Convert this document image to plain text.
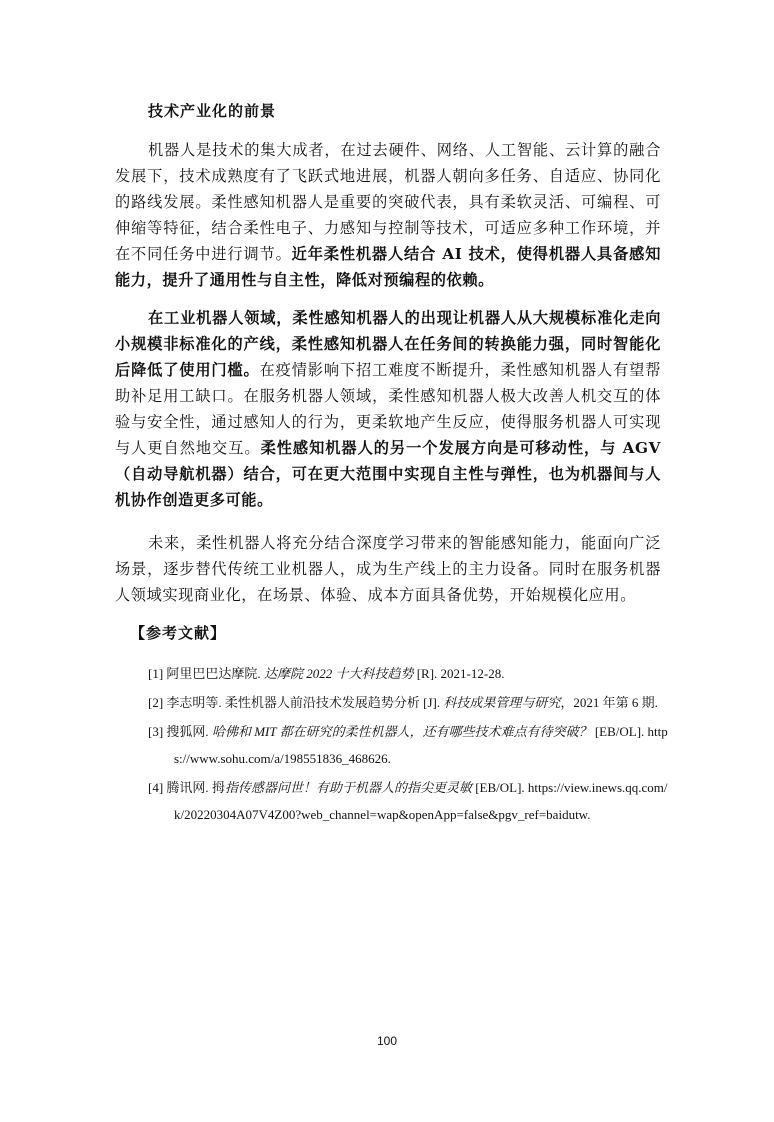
技术产业化的前景

机器人是技术的集大成者，在过去硬件、网络、人工智能、云计算的融合发展下，技术成熟度有了飞跃式地进展，机器人朝向多任务、自适应、协同化的路线发展。柔性感知机器人是重要的突破代表，具有柔软灵活、可编程、可伸缩等特征，结合柔性电子、力感知与控制等技术，可适应多种工作环境，并在不同任务中进行调节。近年柔性机器人结合 AI 技术，使得机器人具备感知能力，提升了通用性与自主性，降低对预编程的依赖。

在工业机器人领域，柔性感知机器人的出现让机器人从大规模标准化走向小规模非标准化的产线，柔性感知机器人在任务间的转换能力强，同时智能化后降低了使用门槛。在疫情影响下招工难度不断提升，柔性感知机器人有望帮助补足用工缺口。在服务机器人领域，柔性感知机器人极大改善人机交互的体验与安全性，通过感知人的行为，更柔软地产生反应，使得服务机器人可实现与人更自然地交互。柔性感知机器人的另一个发展方向是可移动性，与 AGV（自动导航机器）结合，可在更大范围中实现自主性与弹性，也为机器间与人机协作创造更多可能。

未来，柔性机器人将充分结合深度学习带来的智能感知能力，能面向广泛场景，逐步替代传统工业机器人，成为生产线上的主力设备。同时在服务机器人领域实现商业化，在场景、体验、成本方面具备优势，开始规模化应用。

【参考文献】

[1] 阿里巴巴达摩院. 达摩院 2022 十大科技趋势 [R]. 2021-12-28.

[2] 李志明等. 柔性机器人前沿技术发展趋势分析 [J]. 科技成果管理与研究，2021 年第 6 期.

[3] 搜狐网. 哈佛和 MIT 都在研究的柔性机器人，还有哪些技术难点有待突破？ [EB/OL]. https://www.sohu.com/a/198551836_468626.

[4] 腾讯网. 拇指传感器问世！有助于机器人的指尖更灵敏 [EB/OL]. https://view.inews.qq.com/k/20220304A07V4Z00?web_channel=wap&openApp=false&pgv_ref=baidutw.

100
